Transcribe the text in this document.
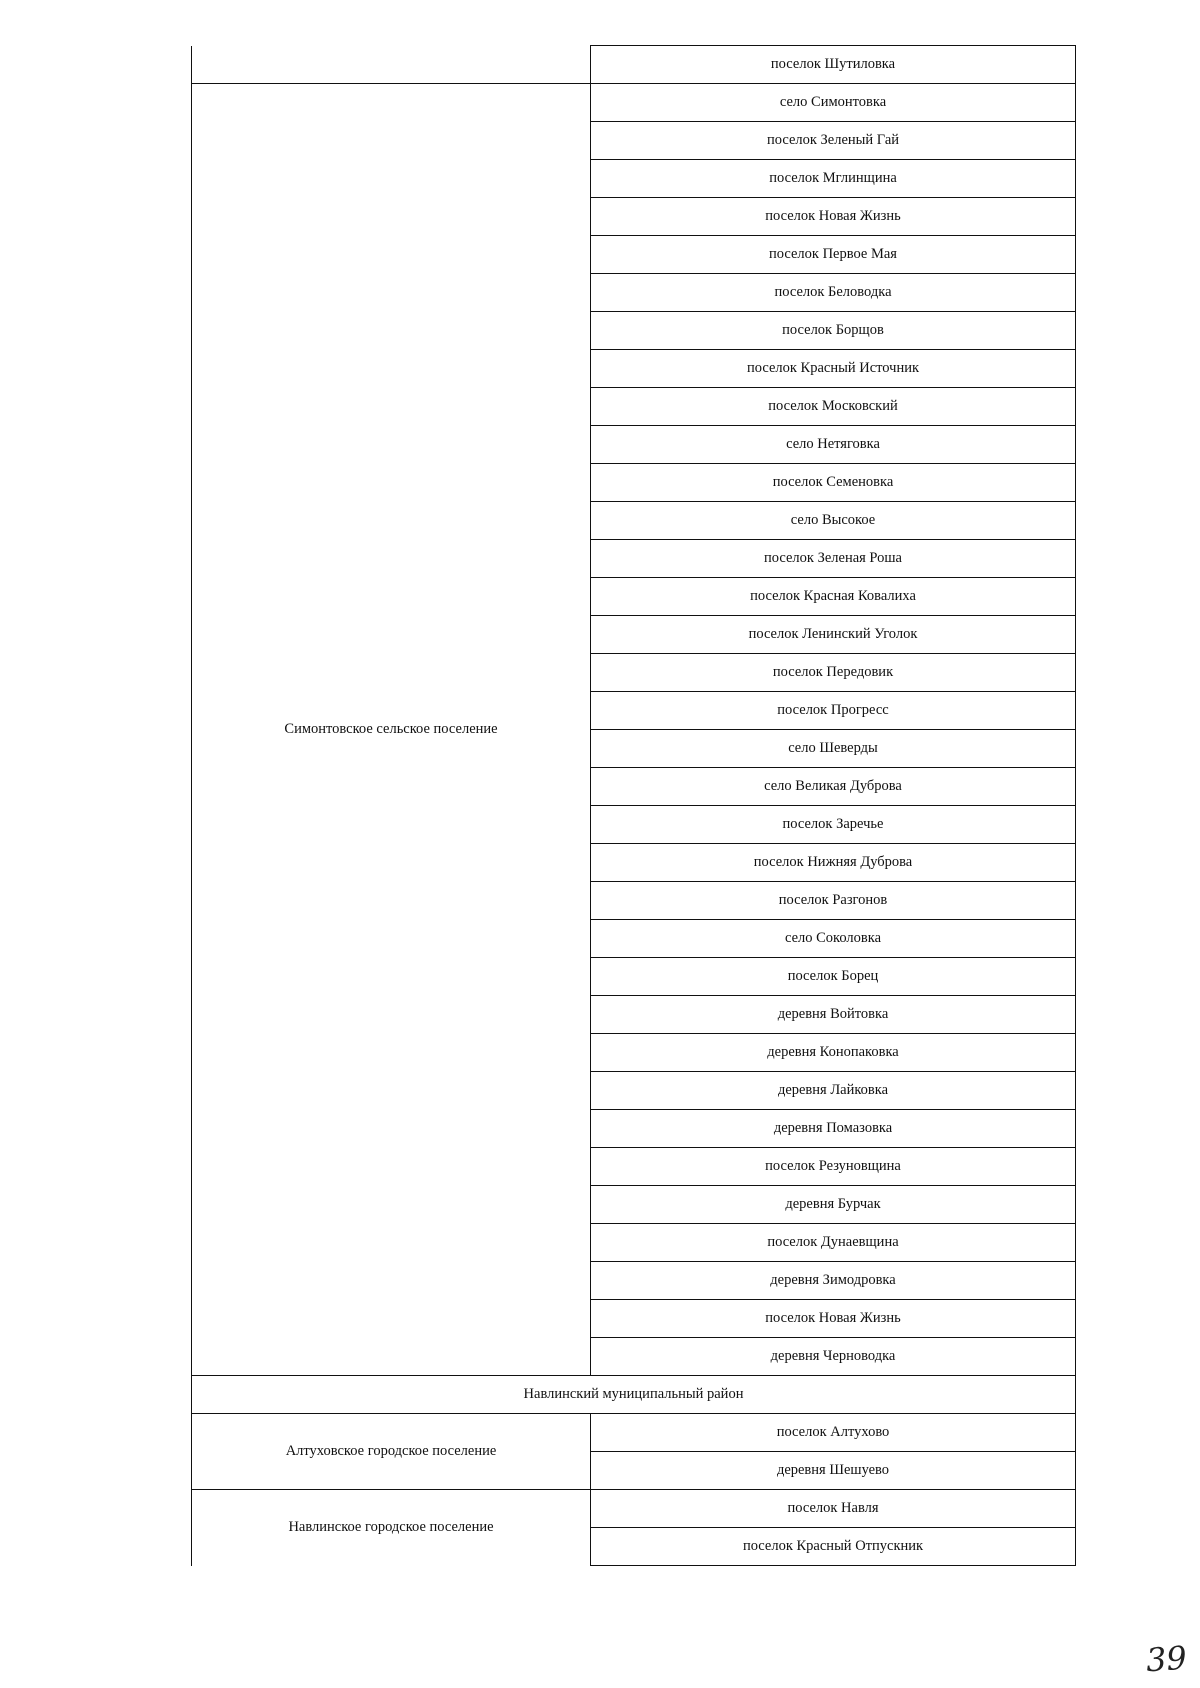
	поселок Шутиловка
Симонтовское сельское поселение	село Симонтовка
	поселок Зеленый Гай
	поселок Мглинщина
	поселок Новая Жизнь
	поселок Первое Мая
	поселок Беловодка
	поселок Борщов
	поселок Красный Источник
	поселок Московский
	село Нетяговка
	поселок Семеновка
	село Высокое
	поселок Зеленая Роша
	поселок Красная Ковалиха
	поселок Ленинский Уголок
	поселок Передовик
	поселок Прогресс
	село Шеверды
	село Великая Дуброва
	поселок Заречье
	поселок Нижняя Дуброва
	поселок Разгонов
	село Соколовка
	поселок Борец
	деревня Войтовка
	деревня Конопаковка
	деревня Лайковка
	деревня Помазовка
	поселок Резуновщина
	деревня Бурчак
	поселок Дунаевщина
	деревня Зимодровка
	поселок Новая Жизнь
	деревня Черноводка
Навлинский муниципальный район	
Алтуховское городское поселение	поселок Алтухово
	деревня Шешуево
Навлинское городское поселение	поселок Навля
	поселок Красный Отпускник
39
